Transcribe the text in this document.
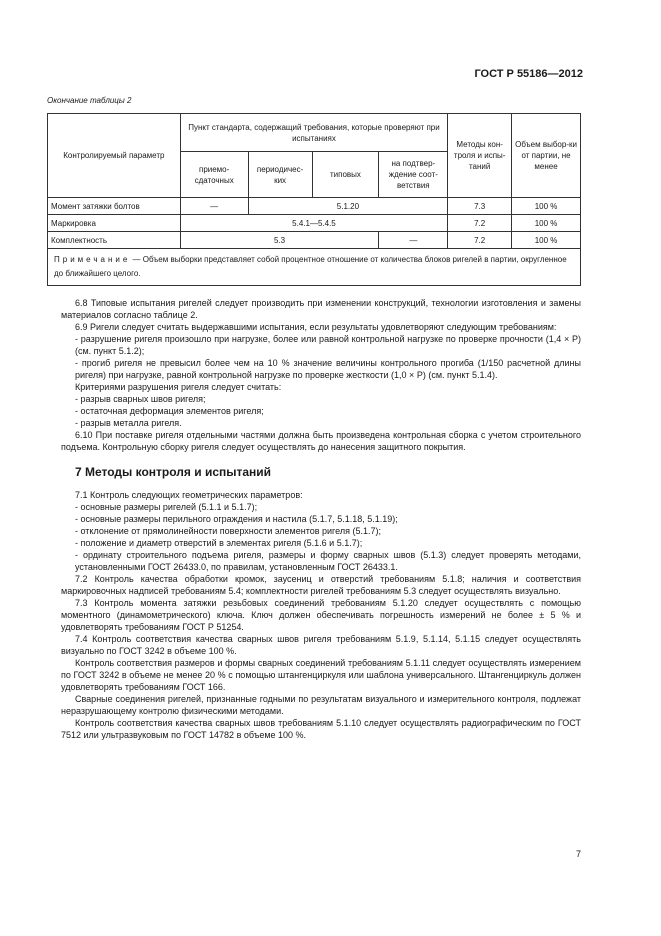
ГОСТ Р 55186—2012
Окончание таблицы 2
Контролируемый параметр	Пункт стандарта, содержащий требования, которые проверяют при испытаниях				Методы кон-троля и испы-таний	Объем выбор-ки от партии, не менее
	приемо-сдаточных	периодичес-ких	типовых	на подтвер-ждение соот-ветствия		
Момент затяжки болтов	—	5.1.20			7.3	100 %
Маркировка	5.4.1—5.4.5				7.2	100 %
Комплектность	5.3			—	7.2	100 %
Примечание — Объем выборки представляет собой процентное отношение от количества блоков ригелей в партии, округленное до ближайшего целого.						

6.8 Типовые испытания ригелей следует производить при изменении конструкций, технологии изготовления и замены материалов согласно таблице 2.

6.9 Ригели следует считать выдержавшими испытания, если результаты удовлетворяют следующим требованиям:

- разрушение ригеля произошло при нагрузке, более или равной контрольной нагрузке по проверке прочности (1,4 × P) (см. пункт 5.1.2);

- прогиб ригеля не превысил более чем на 10 % значение величины контрольного прогиба (1/150 расчетной длины ригеля) при нагрузке, равной контрольной нагрузке по проверке жесткости (1,0 × P) (см. пункт 5.1.4).

Критериями разрушения ригеля следует считать:

- разрыв сварных швов ригеля;

- остаточная деформация элементов ригеля;

- разрыв металла ригеля.

6.10 При поставке ригеля отдельными частями должна быть произведена контрольная сборка с учетом строительного подъема. Контрольную сборку ригеля следует осуществлять до нанесения защитного покрытия.

7 Методы контроля и испытаний

7.1 Контроль следующих геометрических параметров:

- основные размеры ригелей (5.1.1 и 5.1.7);

- основные размеры перильного ограждения и настила (5.1.7, 5.1.18, 5.1.19);

- отклонение от прямолинейности поверхности элементов ригеля (5.1.7);

- положение и диаметр отверстий в элементах ригеля (5.1.6 и 5.1.7);

- ординату строительного подъема ригеля, размеры и форму сварных швов (5.1.3) следует проверять методами, установленными ГОСТ 26433.0, по правилам, установленным ГОСТ 26433.1.

7.2 Контроль качества обработки кромок, заусениц и отверстий требованиям 5.1.8; наличия и соответствия маркировочных надписей требованиям 5.4; комплектности ригелей требованиям 5.3 следует осуществлять визуально.

7.3 Контроль момента затяжки резьбовых соединений требованиям 5.1.20 следует осуществлять с помощью моментного (динамометрического) ключа. Ключ должен обеспечивать погрешность измерений не более ± 5 % и удовлетворять требованиям ГОСТ Р 51254.

7.4 Контроль соответствия качества сварных швов ригеля требованиям 5.1.9, 5.1.14, 5.1.15 следует осуществлять визуально по ГОСТ 3242 в объеме 100 %.

Контроль соответствия размеров и формы сварных соединений требованиям 5.1.11 следует осуществлять измерением по ГОСТ 3242 в объеме не менее 20 % с помощью штангенциркуля или шаблона универсального. Штангенциркуль должен удовлетворять требованиям ГОСТ 166.

Сварные соединения ригелей, признанные годными по результатам визуального и измерительного контроля, подлежат неразрушающему контролю физическими методами.

Контроль соответствия качества сварных швов требованиям 5.1.10 следует осуществлять радиографическим по ГОСТ 7512 или ультразвуковым по ГОСТ 14782 в объеме 100 %.

7
